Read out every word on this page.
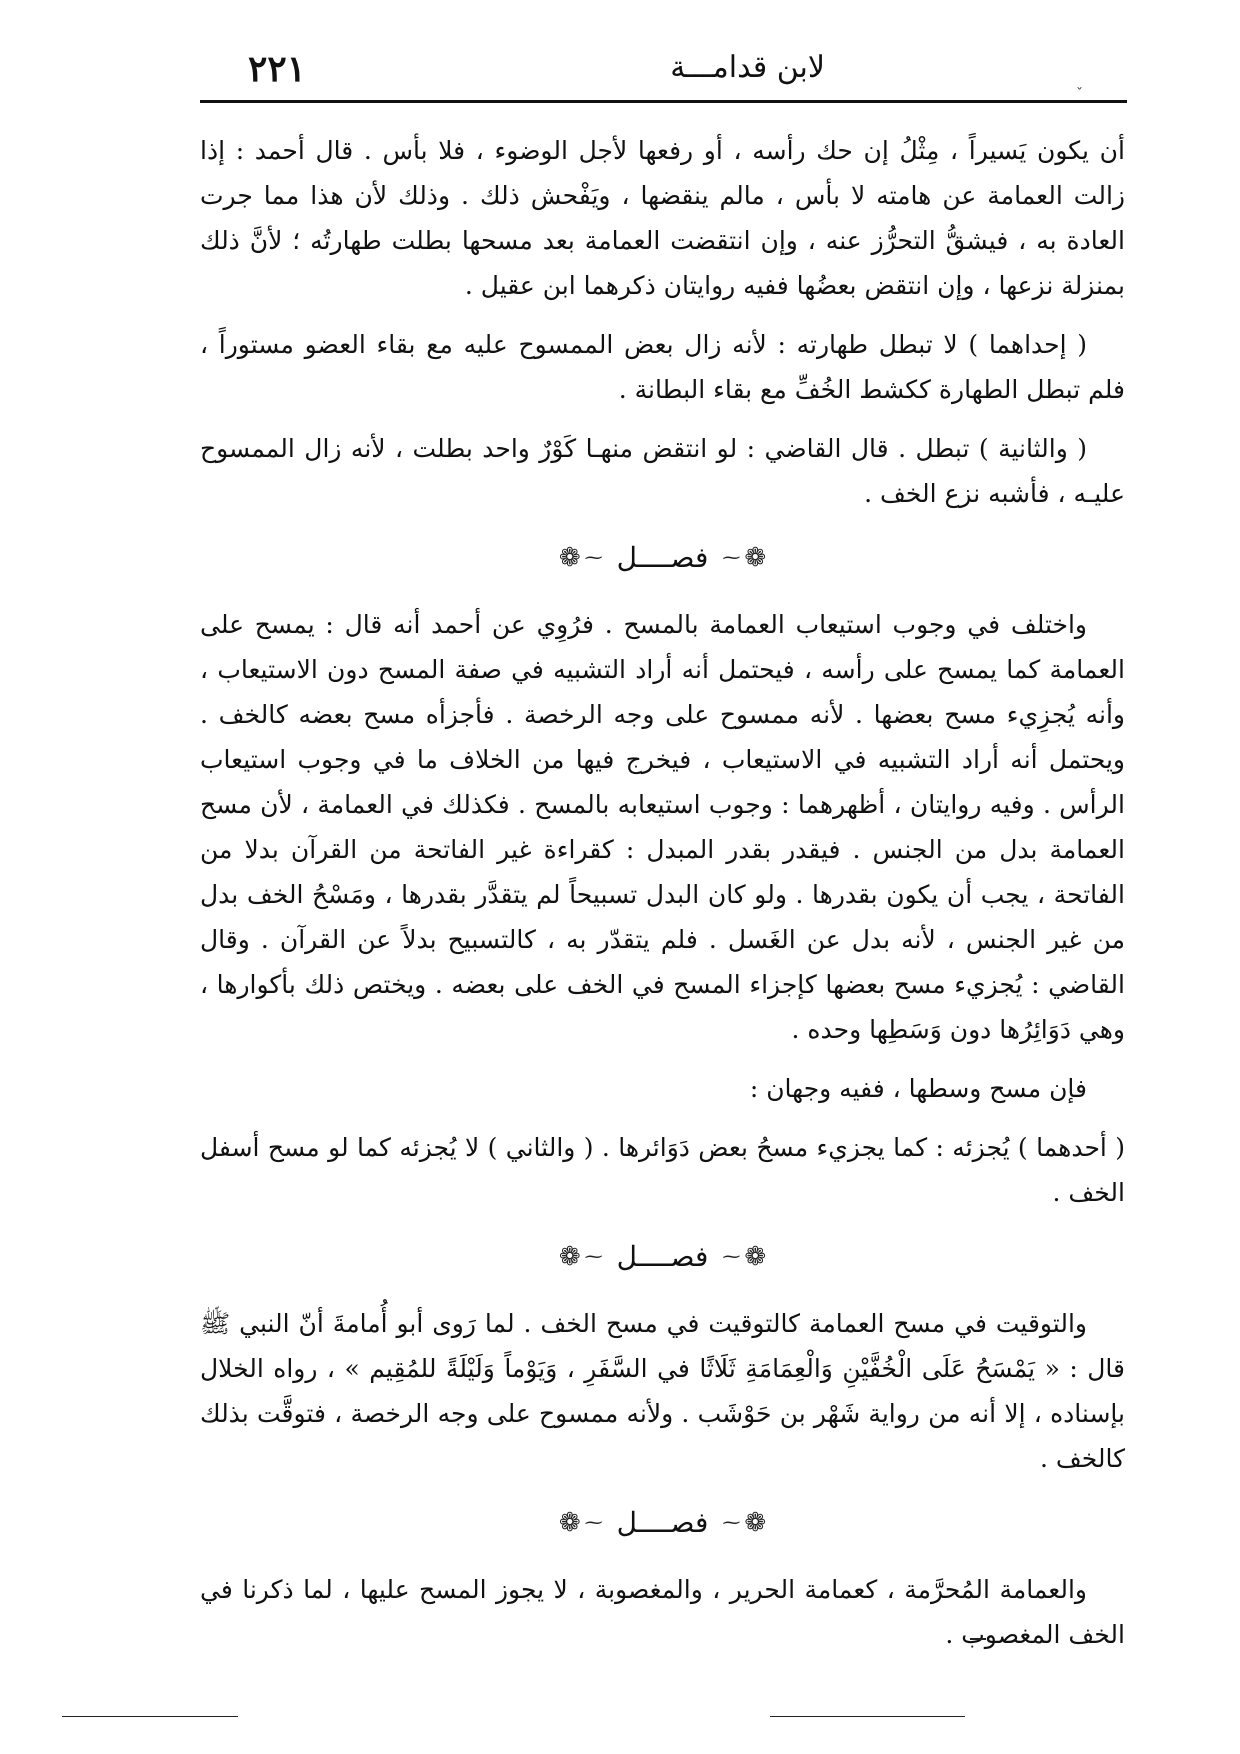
لابن قدامـــة
٢٢١
ˇ

أن يكون يَسيراً ، مِثْلُ إن حك رأسه ، أو رفعها لأجل الوضوء ، فلا بأس . قال أحمد : إذا زالت العمامة عن هامته لا بأس ، مالم ينقضها ، ويَفْحش ذلك . وذلك لأن هذا مما جرت العادة به ، فيشقُّ التحرُّز عنه ، وإن انتقضت العمامة بعد مسحها بطلت طهارتُه ؛ لأنَّ ذلك بمنزلة نزعها ، وإن انتقض بعضُها ففيه روايتان ذكرهما ابن عقيل .

( إحداهما ) لا تبطل طهارته : لأنه زال بعض الممسوح عليه مع بقاء العضو مستوراً ، فلم تبطل الطهارة ككشط الخُفِّ مع بقاء البطانة .

( والثانية ) تبطل . قال القاضي : لو انتقض منهـا كَوْرٌ واحد بطلت ، لأنه زال الممسوح عليـه ، فأشبه نزع الخف .

❁
⁓
فصــــل
⁓
❁

واختلف في وجوب استيعاب العمامة بالمسح . فرُوِي عن أحمد أنه قال : يمسح على العمامة كما يمسح على رأسه ، فيحتمل أنه أراد التشبيه في صفة المسح دون الاستيعاب ، وأنه يُجزِيء مسح بعضها . لأنه ممسوح على وجه الرخصة . فأجزأه مسح بعضه كالخف . ويحتمل أنه أراد التشبيه في الاستيعاب ، فيخرج فيها من الخلاف ما في وجوب استيعاب الرأس . وفيه روايتان ، أظهرهما : وجوب استيعابه بالمسح . فكذلك في العمامة ، لأن مسح العمامة بدل من الجنس . فيقدر بقدر المبدل : كقراءة غير الفاتحة من القرآن بدلا من الفاتحة ، يجب أن يكون بقدرها . ولو كان البدل تسبيحاً لم يتقدَّر بقدرها ، ومَسْحُ الخف بدل من غير الجنس ، لأنه بدل عن الغَسل . فلم يتقدّر به ، كالتسبيح بدلاً عن القرآن . وقال القاضي : يُجزيء مسح بعضها كإجزاء المسح في الخف على بعضه . ويختص ذلك بأكوارها ، وهي دَوَائِرُها دون وَسَطِها وحده .

فإن مسح وسطها ، ففيه وجهان :

( أحدهما ) يُجزئه : كما يجزيء مسحُ بعض دَوَائرها . ( والثاني ) لا يُجزئه كما لو مسح أسفل الخف .

❁
⁓
فصــــل
⁓
❁

والتوقيت في مسح العمامة كالتوقيت في مسح الخف . لما رَوى أبو أُمامةَ أنّ النبي ﷺ قال : « يَمْسَحُ عَلَى الْخُفَّيْنِ وَالْعِمَامَةِ ثَلَاثًا في السَّفَرِ ، وَيَوْماً وَلَيْلَةً للمُقِيم » ، رواه الخلال بإسناده ، إلا أنه من رواية شَهْر بن حَوْشَب . ولأنه ممسوح على وجه الرخصة ، فتوقَّت بذلك كالخف .

❁
⁓
فصــــل
⁓
❁

والعمامة المُحرَّمة ، كعمامة الحرير ، والمغصوبة ، لا يجوز المسح عليها ، لما ذكرنا في الخف المغصوب .
